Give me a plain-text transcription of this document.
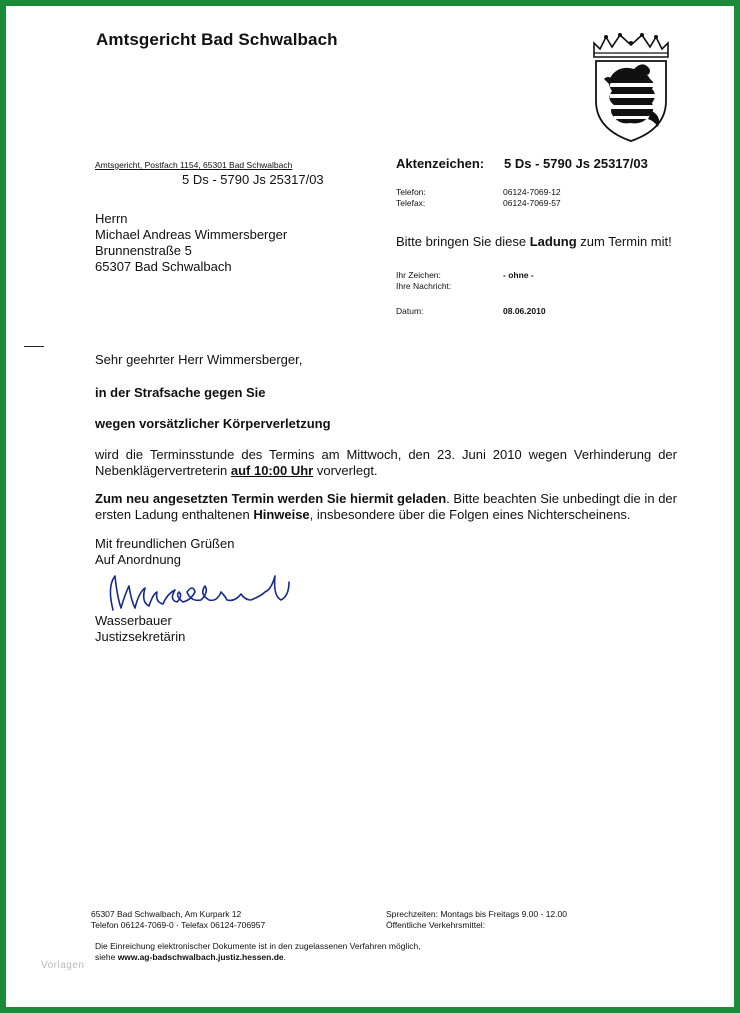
Amtsgericht Bad Schwalbach
Amtsgericht, Postfach 1154, 65301 Bad Schwalbach
5 Ds - 5790 Js 25317/03
Aktenzeichen: 5 Ds - 5790 Js 25317/03
Telefon:	06124-7069-12
Telefax:	06124-7069-57
Herrn
Michael Andreas Wimmersberger
Brunnenstraße 5
65307 Bad Schwalbach
Bitte bringen Sie diese Ladung zum Termin mit!
Ihr Zeichen:	- ohne -
Ihre Nachricht:
Datum:	08.06.2010
Sehr geehrter Herr Wimmersberger,
in der Strafsache gegen Sie
wegen vorsätzlicher Körperverletzung
wird die Terminsstunde des Termins am Mittwoch, den 23. Juni 2010 wegen Verhinderung der Nebenklägervertreterin auf 10:00 Uhr vorverlegt.
Zum neu angesetzten Termin werden Sie hiermit geladen. Bitte beachten Sie unbedingt die in der ersten Ladung enthaltenen Hinweise, insbesondere über die Folgen eines Nichterscheinens.
Mit freundlichen Grüßen
Auf Anordnung
Wasserbauer
Justizsekretärin
65307 Bad Schwalbach, Am Kurpark 12
Telefon 06124-7069-0 · Telefax 06124-706957
Sprechzeiten: Montags bis Freitags 9.00 - 12.00
Öffentliche Verkehrsmittel:
Die Einreichung elektronischer Dokumente ist in den zugelassenen Verfahren möglich,
siehe www.ag-badschwalbach.justiz.hessen.de.
Vorlagen
